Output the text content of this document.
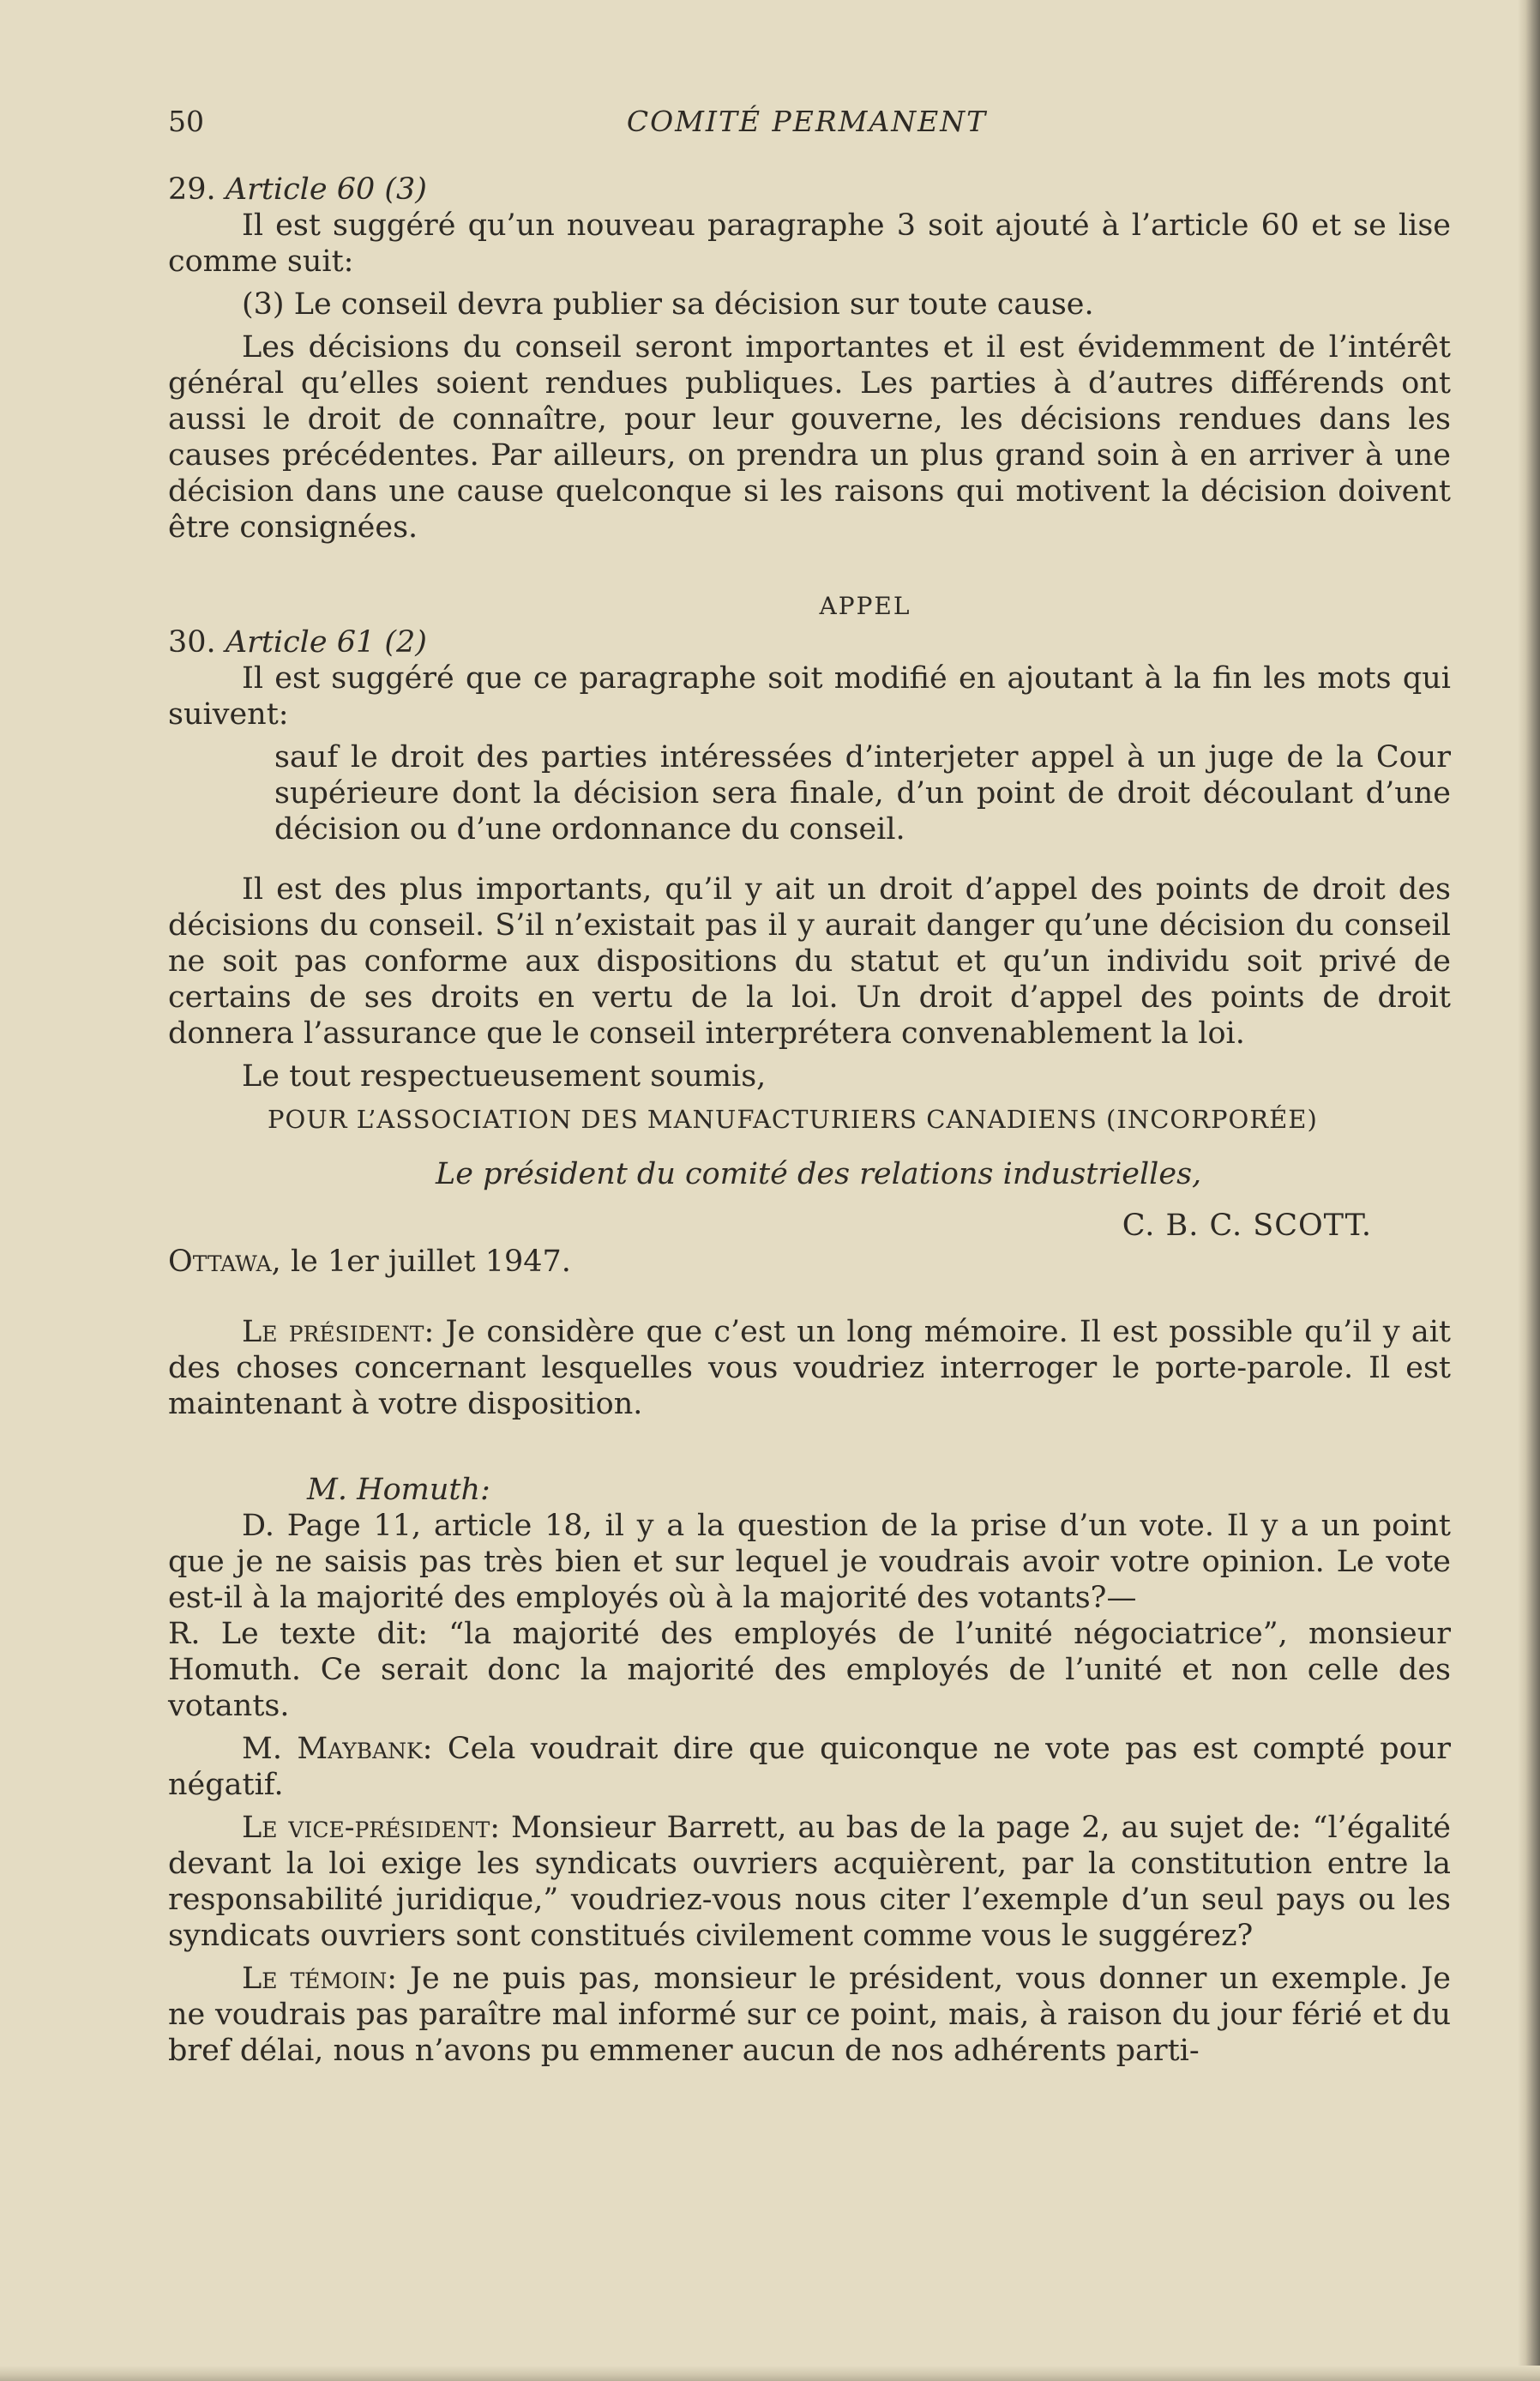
50	COMITÉ PERMANENT

29. Article 60 (3)

Il est suggéré qu’un nouveau paragraphe 3 soit ajouté à l’article 60 et se lise comme suit:

(3) Le conseil devra publier sa décision sur toute cause.

Les décisions du conseil seront importantes et il est évidemment de l’intérêt général qu’elles soient rendues publiques. Les parties à d’autres différends ont aussi le droit de connaître, pour leur gouverne, les décisions rendues dans les causes précédentes. Par ailleurs, on prendra un plus grand soin à en arriver à une décision dans une cause quelconque si les raisons qui motivent la décision doivent être consignées.

APPEL

30. Article 61 (2)

Il est suggéré que ce paragraphe soit modifié en ajoutant à la fin les mots qui suivent:

sauf le droit des parties intéressées d’interjeter appel à un juge de la Cour supérieure dont la décision sera finale, d’un point de droit découlant d’une décision ou d’une ordonnance du conseil.

Il est des plus importants, qu’il y ait un droit d’appel des points de droit des décisions du conseil. S’il n’existait pas il y aurait danger qu’une décision du conseil ne soit pas conforme aux dispositions du statut et qu’un individu soit privé de certains de ses droits en vertu de la loi. Un droit d’appel des points de droit donnera l’assurance que le conseil interprétera convenablement la loi.

Le tout respectueusement soumis,

POUR L’ASSOCIATION DES MANUFACTURIERS CANADIENS (INCORPORÉE)

Le président du comité des relations industrielles,

C. B. C. SCOTT.

Ottawa, le 1er juillet 1947.

Le président: Je considère que c’est un long mémoire. Il est possible qu’il y ait des choses concernant lesquelles vous voudriez interroger le porte-parole. Il est maintenant à votre disposition.

M. Homuth:

D. Page 11, article 18, il y a la question de la prise d’un vote. Il y a un point que je ne saisis pas très bien et sur lequel je voudrais avoir votre opinion. Le vote est-il à la majorité des employés où à la majorité des votants?—

R. Le texte dit: “la majorité des employés de l’unité négociatrice”, monsieur Homuth. Ce serait donc la majorité des employés de l’unité et non celle des votants.

M. Maybank: Cela voudrait dire que quiconque ne vote pas est compté pour négatif.

Le vice-président: Monsieur Barrett, au bas de la page 2, au sujet de: “l’égalité devant la loi exige les syndicats ouvriers acquièrent, par la constitution entre la responsabilité juridique,” voudriez-vous nous citer l’exemple d’un seul pays ou les syndicats ouvriers sont constitués civilement comme vous le suggérez?

Le témoin: Je ne puis pas, monsieur le président, vous donner un exemple. Je ne voudrais pas paraître mal informé sur ce point, mais, à raison du jour férié et du bref délai, nous n’avons pu emmener aucun de nos adhérents parti-
